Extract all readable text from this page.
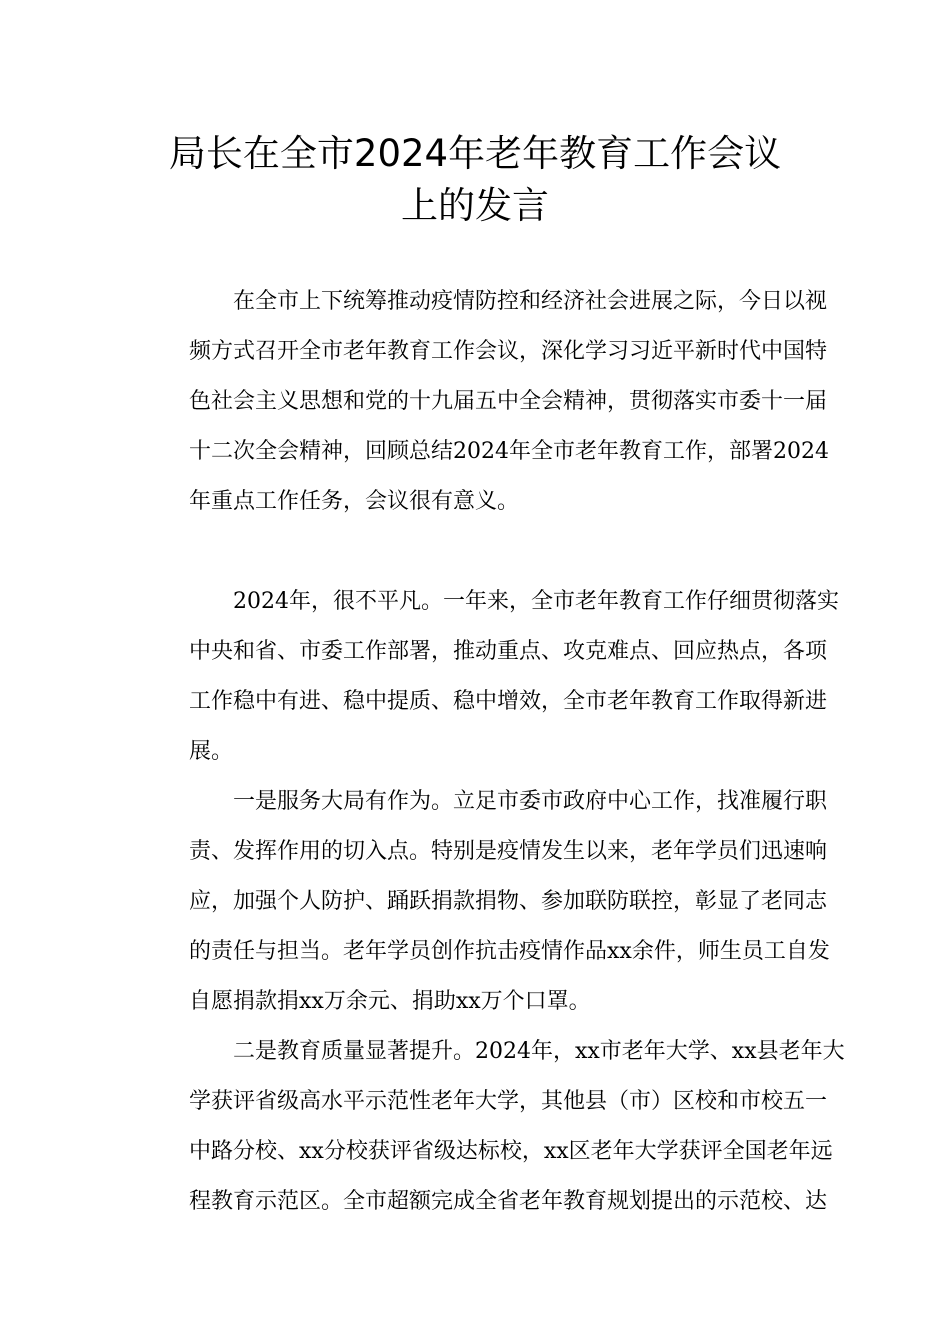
局长在全市2024年老年教育工作会议
上的发言
在全市上下统筹推动疫情防控和经济社会进展之际，今日以视
频方式召开全市老年教育工作会议，深化学习习近平新时代中国特
色社会主义思想和党的十九届五中全会精神，贯彻落实市委十一届
十二次全会精神，回顾总结2024年全市老年教育工作，部署2024
年重点工作任务，会议很有意义。
2024年，很不平凡。一年来，全市老年教育工作仔细贯彻落实
中央和省、市委工作部署，推动重点、攻克难点、回应热点，各项
工作稳中有进、稳中提质、稳中增效，全市老年教育工作取得新进
展。
一是服务大局有作为。立足市委市政府中心工作，找准履行职
责、发挥作用的切入点。特别是疫情发生以来，老年学员们迅速响
应，加强个人防护、踊跃捐款捐物、参加联防联控，彰显了老同志
的责任与担当。老年学员创作抗击疫情作品xx余件，师生员工自发
自愿捐款捐xx万余元、捐助xx万个口罩。
二是教育质量显著提升。2024年，xx市老年大学、xx县老年大
学获评省级高水平示范性老年大学，其他县（市）区校和市校五一
中路分校、xx分校获评省级达标校，xx区老年大学获评全国老年远
程教育示范区。全市超额完成全省老年教育规划提出的示范校、达
